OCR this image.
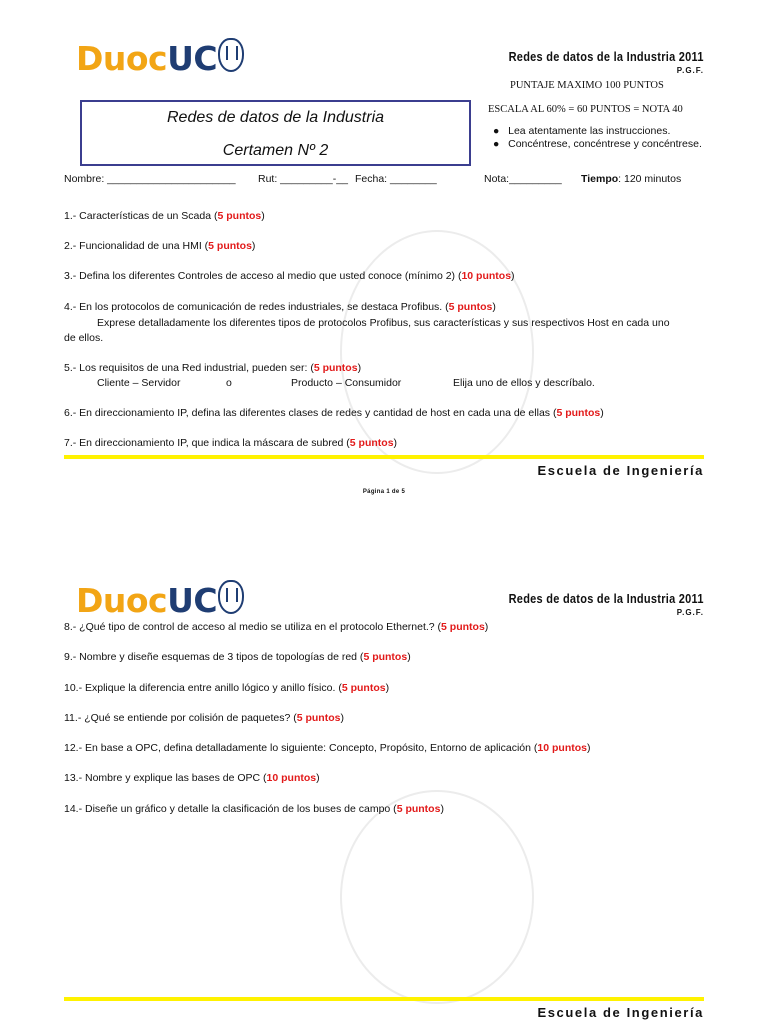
DuocUC	Redes de datos de la Industria 2011
P.G.F.
PUNTAJE MAXIMO 100 PUNTOS
Redes de datos de la Industria
Certamen Nº 2
ESCALA AL 60% = 60 PUNTOS = NOTA 40
● Lea atentamente las instrucciones.
● Concéntrese, concéntrese y concéntrese.
Nombre: ______________________ Rut: _________-__ Fecha: ________	Nota:_________ Tiempo: 120 minutos
1.- Características de un Scada (5 puntos)
2.- Funcionalidad de una HMI (5 puntos)
3.- Defina los diferentes Controles de acceso al medio que usted conoce (mínimo 2) (10 puntos)
4.- En los protocolos de comunicación de redes industriales, se destaca Profibus. (5 puntos)
Exprese detalladamente los diferentes tipos de protocolos Profibus, sus características y sus respectivos Host en cada uno
de ellos.
5.- Los requisitos de una Red industrial, pueden ser: (5 puntos)
Cliente – Servidor	o	Producto – Consumidor	Elija uno de ellos y descríbalo.
6.- En direccionamiento IP, defina las diferentes clases de redes y cantidad de host en cada una de ellas (5 puntos)
7.- En direccionamiento IP, que indica la máscara de subred (5 puntos)
Escuela de Ingeniería
Página 1 de 5
DuocUC	Redes de datos de la Industria 2011
P.G.F.
8.- ¿Qué tipo de control de acceso al medio se utiliza en el protocolo Ethernet.? (5 puntos)
9.- Nombre y diseñe esquemas de 3 tipos de topologías de red (5 puntos)
10.- Explique la diferencia entre anillo lógico y anillo físico. (5 puntos)
11.- ¿Qué se entiende por colisión de paquetes? (5 puntos)
12.- En base a OPC, defina detalladamente lo siguiente: Concepto, Propósito, Entorno de aplicación (10 puntos)
13.- Nombre y explique las bases de OPC (10 puntos)
14.- Diseñe un gráfico y detalle la clasificación de los buses de campo (5 puntos)
Escuela de Ingeniería
